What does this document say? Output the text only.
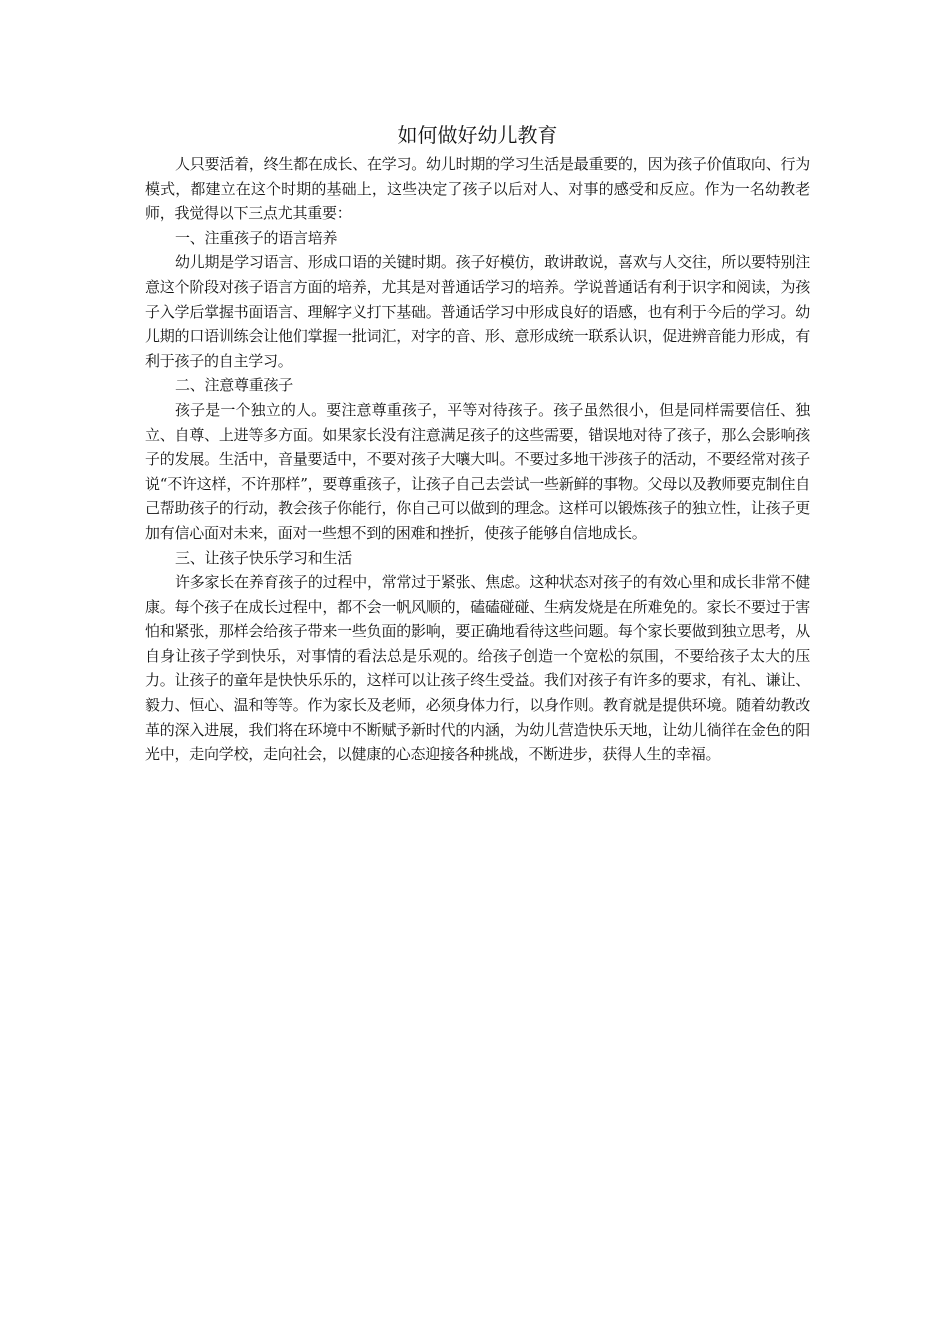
如何做好幼儿教育

人只要活着，终生都在成长、在学习。幼儿时期的学习生活是最重要的，因为孩子价值取向、行为模式，都建立在这个时期的基础上，这些决定了孩子以后对人、对事的感受和反应。作为一名幼教老师，我觉得以下三点尤其重要：

一、注重孩子的语言培养

幼儿期是学习语言、形成口语的关键时期。孩子好模仿，敢讲敢说，喜欢与人交往，所以要特别注意这个阶段对孩子语言方面的培养，尤其是对普通话学习的培养。学说普通话有利于识字和阅读，为孩子入学后掌握书面语言、理解字义打下基础。普通话学习中形成良好的语感，也有利于今后的学习。幼儿期的口语训练会让他们掌握一批词汇，对字的音、形、意形成统一联系认识，促进辨音能力形成，有利于孩子的自主学习。

二、注意尊重孩子

孩子是一个独立的人。要注意尊重孩子，平等对待孩子。孩子虽然很小，但是同样需要信任、独立、自尊、上进等多方面。如果家长没有注意满足孩子的这些需要，错误地对待了孩子，那么会影响孩子的发展。生活中，音量要适中，不要对孩子大嚷大叫。不要过多地干涉孩子的活动，不要经常对孩子说“不许这样，不许那样”，要尊重孩子，让孩子自己去尝试一些新鲜的事物。父母以及教师要克制住自己帮助孩子的行动，教会孩子你能行，你自己可以做到的理念。这样可以锻炼孩子的独立性，让孩子更加有信心面对未来，面对一些想不到的困难和挫折，使孩子能够自信地成长。

三、让孩子快乐学习和生活

许多家长在养育孩子的过程中，常常过于紧张、焦虑。这种状态对孩子的有效心里和成长非常不健康。每个孩子在成长过程中，都不会一帆风顺的，磕磕碰碰、生病发烧是在所难免的。家长不要过于害怕和紧张，那样会给孩子带来一些负面的影响，要正确地看待这些问题。每个家长要做到独立思考，从自身让孩子学到快乐，对事情的看法总是乐观的。给孩子创造一个宽松的氛围，不要给孩子太大的压力。让孩子的童年是快快乐乐的，这样可以让孩子终生受益。我们对孩子有许多的要求，有礼、谦让、毅力、恒心、温和等等。作为家长及老师，必须身体力行，以身作则。教育就是提供环境。随着幼教改革的深入进展，我们将在环境中不断赋予新时代的内涵，为幼儿营造快乐天地，让幼儿徜徉在金色的阳光中，走向学校，走向社会，以健康的心态迎接各种挑战，不断进步，获得人生的幸福。
